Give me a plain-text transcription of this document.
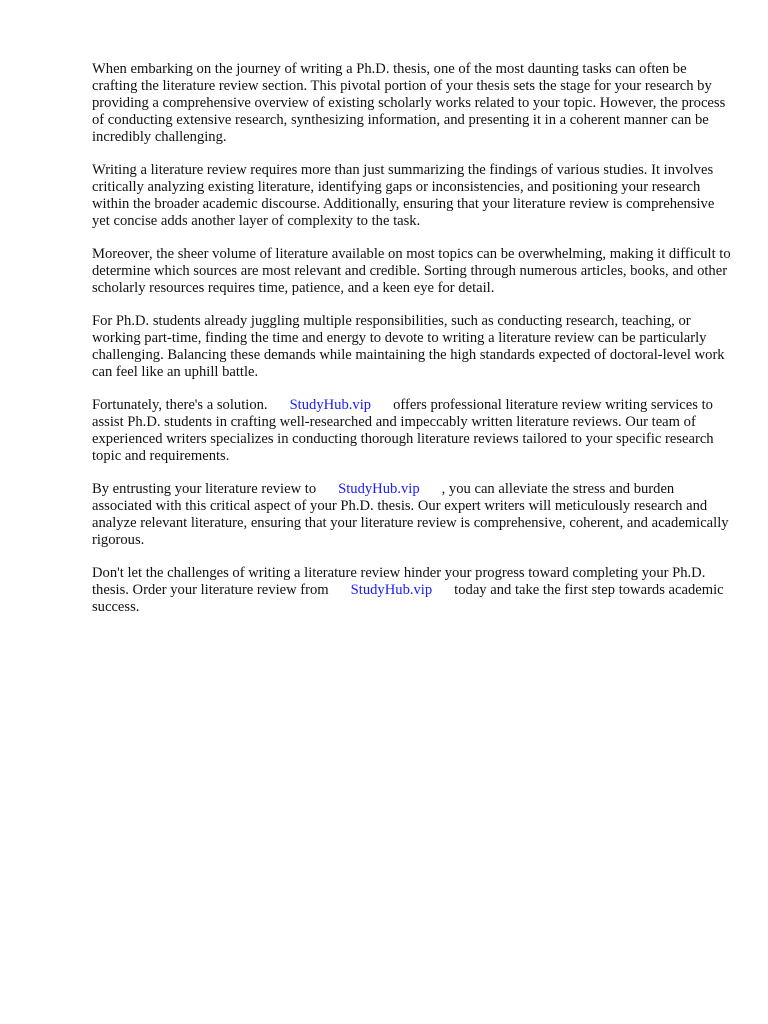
When embarking on the journey of writing a Ph.D. thesis, one of the most daunting tasks can often be crafting the literature review section. This pivotal portion of your thesis sets the stage for your research by providing a comprehensive overview of existing scholarly works related to your topic. However, the process of conducting extensive research, synthesizing information, and presenting it in a coherent manner can be incredibly challenging.

Writing a literature review requires more than just summarizing the findings of various studies. It involves critically analyzing existing literature, identifying gaps or inconsistencies, and positioning your research within the broader academic discourse. Additionally, ensuring that your literature review is comprehensive yet concise adds another layer of complexity to the task.

Moreover, the sheer volume of literature available on most topics can be overwhelming, making it difficult to determine which sources are most relevant and credible. Sorting through numerous articles, books, and other scholarly resources requires time, patience, and a keen eye for detail.

For Ph.D. students already juggling multiple responsibilities, such as conducting research, teaching, or working part-time, finding the time and energy to devote to writing a literature review can be particularly challenging. Balancing these demands while maintaining the high standards expected of doctoral-level work can feel like an uphill battle.

Fortunately, there's a solution. StudyHub.vip offers professional literature review writing services to assist Ph.D. students in crafting well-researched and impeccably written literature reviews. Our team of experienced writers specializes in conducting thorough literature reviews tailored to your specific research topic and requirements.

By entrusting your literature review to StudyHub.vip , you can alleviate the stress and burden associated with this critical aspect of your Ph.D. thesis. Our expert writers will meticulously research and analyze relevant literature, ensuring that your literature review is comprehensive, coherent, and academically rigorous.

Don't let the challenges of writing a literature review hinder your progress toward completing your Ph.D. thesis. Order your literature review from StudyHub.vip today and take the first step towards academic success.
